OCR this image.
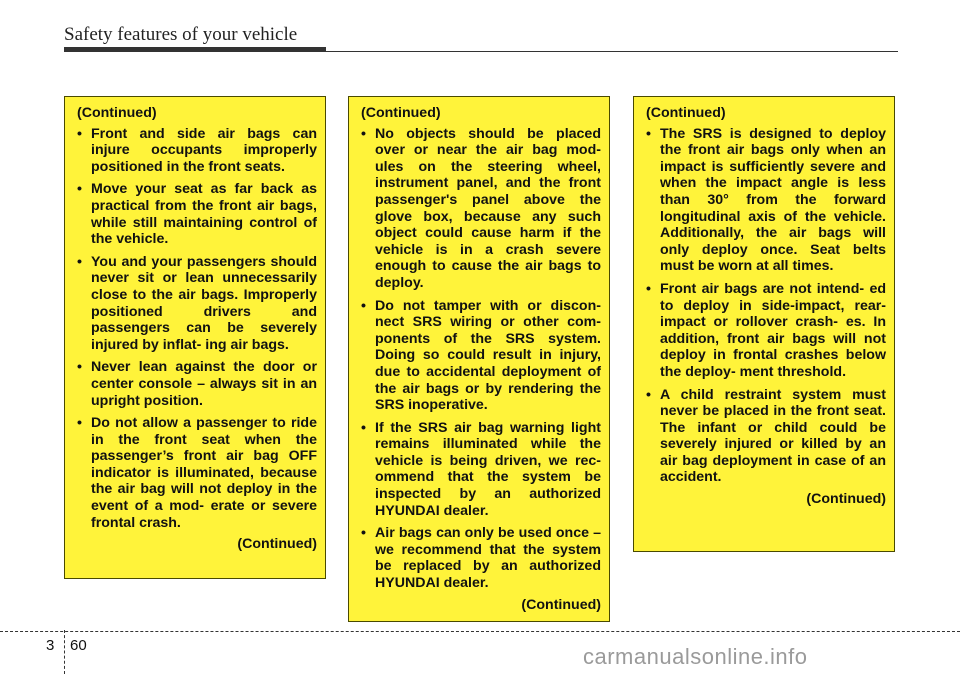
Safety features of your vehicle
(Continued)
• Front and side air bags can injure occupants improperly positioned in the front seats.
• Move your seat as far back as practical from the front air bags, while still maintaining control of the vehicle.
• You and your passengers should never sit or lean unnecessarily close to the air bags. Improperly positioned drivers and passengers can be severely injured by inflat- ing air bags.
• Never lean against the door or center console – always sit in an upright position.
• Do not allow a passenger to ride in the front seat when the passenger’s front air bag OFF indicator is illuminated, because the air bag will not deploy in the event of a mod- erate or severe frontal crash.
(Continued)
(Continued)
• No objects should be placed over or near the air bag mod- ules on the steering wheel, instrument panel, and the front passenger's panel above the glove box, because any such object could cause harm if the vehicle is in a crash severe enough to cause the air bags to deploy.
• Do not tamper with or discon- nect SRS wiring or other com- ponents of the SRS system. Doing so could result in injury, due to accidental deployment of the air bags or by rendering the SRS inoperative.
• If the SRS air bag warning light remains illuminated while the vehicle is being driven, we rec- ommend that the system be inspected by an authorized HYUNDAI dealer.
• Air bags can only be used once – we recommend that the system be replaced by an authorized HYUNDAI dealer.
(Continued)
(Continued)
• The SRS is designed to deploy the front air bags only when an impact is sufficiently severe and when the impact angle is less than 30° from the forward longitudinal axis of the vehicle. Additionally, the air bags will only deploy once. Seat belts must be worn at all times.
• Front air bags are not intend- ed to deploy in side-impact, rear-impact or rollover crash- es. In addition, front air bags will not deploy in frontal crashes below the deploy- ment threshold.
• A child restraint system must never be placed in the front seat. The infant or child could be severely injured or killed by an air bag deployment in case of an accident.
(Continued)
3 60	carmanualsonline.info
